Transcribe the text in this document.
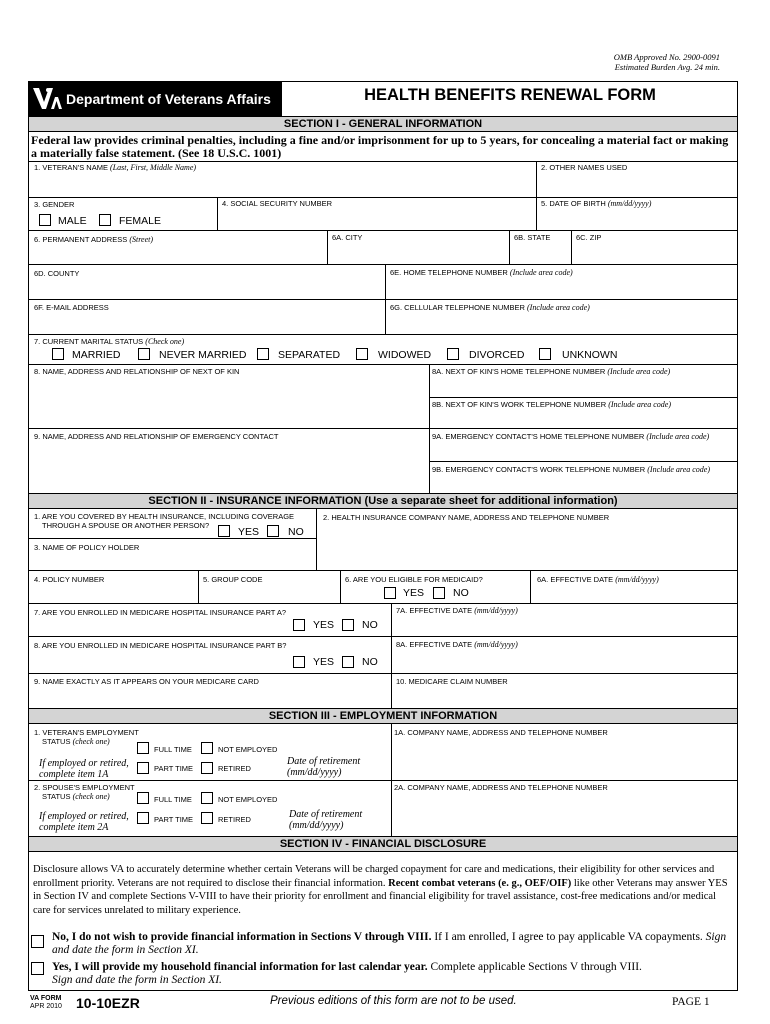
OMB Approved No. 2900-0091
Estimated Burden Avg. 24 min.
Department of Veterans Affairs	HEALTH BENEFITS RENEWAL FORM
SECTION I - GENERAL INFORMATION
Federal law provides criminal penalties, including a fine and/or imprisonment for up to 5 years, for concealing a material fact or making a materially false statement. (See 18 U.S.C. 1001)
1. VETERAN'S NAME (Last, First, Middle Name)	2. OTHER NAMES USED
3. GENDER
MALE	FEMALE
4. SOCIAL SECURITY NUMBER	5. DATE OF BIRTH (mm/dd/yyyy)
6. PERMANENT ADDRESS (Street)	6A. CITY	6B. STATE	6C. ZIP
6D. COUNTY	6E. HOME TELEPHONE NUMBER (Include area code)
6F. E-MAIL ADDRESS	6G. CELLULAR TELEPHONE NUMBER (Include area code)
7. CURRENT MARITAL STATUS (Check one)
MARRIED	NEVER MARRIED	SEPARATED	WIDOWED	DIVORCED	UNKNOWN
8. NAME, ADDRESS AND RELATIONSHIP OF NEXT OF KIN	8A. NEXT OF KIN'S HOME TELEPHONE NUMBER (Include area code)
8B. NEXT OF KIN'S WORK TELEPHONE NUMBER (Include area code)
9. NAME, ADDRESS AND RELATIONSHIP OF EMERGENCY CONTACT	9A. EMERGENCY CONTACT'S HOME TELEPHONE NUMBER (Include area code)
9B. EMERGENCY CONTACT'S WORK TELEPHONE NUMBER (Include area code)
SECTION II - INSURANCE INFORMATION (Use a separate sheet for additional information)
1. ARE YOU COVERED BY HEALTH INSURANCE, INCLUDING COVERAGE
THROUGH A SPOUSE OR ANOTHER PERSON?
YES	NO
2. HEALTH INSURANCE COMPANY NAME, ADDRESS AND TELEPHONE NUMBER
3. NAME OF POLICY HOLDER
4. POLICY NUMBER	5. GROUP CODE	6. ARE YOU ELIGIBLE FOR MEDICAID?
YES	NO
6A. EFFECTIVE DATE (mm/dd/yyyy)
7. ARE YOU ENROLLED IN MEDICARE HOSPITAL INSURANCE PART A?
YES	NO
7A. EFFECTIVE DATE (mm/dd/yyyy)
8. ARE YOU ENROLLED IN MEDICARE HOSPITAL INSURANCE PART B?
YES	NO
8A. EFFECTIVE DATE (mm/dd/yyyy)
9. NAME EXACTLY AS IT APPEARS ON YOUR MEDICARE CARD	10. MEDICARE CLAIM NUMBER
SECTION III - EMPLOYMENT INFORMATION
1. VETERAN'S EMPLOYMENT
STATUS (check one)
FULL TIME	NOT EMPLOYED
If employed or retired,
complete item 1A
PART TIME	RETIRED
Date of retirement
(mm/dd/yyyy)
1A. COMPANY NAME, ADDRESS AND TELEPHONE NUMBER
2. SPOUSE'S EMPLOYMENT
STATUS (check one)	FULL TIME	NOT EMPLOYED
If employed or retired,
complete item 2A
PART TIME	RETIRED	Date of retirement
(mm/dd/yyyy)
2A. COMPANY NAME, ADDRESS AND TELEPHONE NUMBER
SECTION IV - FINANCIAL DISCLOSURE
Disclosure allows VA to accurately determine whether certain Veterans will be charged copayment for care and medications, their eligibility for other services and enrollment priority. Veterans are not required to disclose their financial information. Recent combat veterans (e. g., OEF/OIF) like other Veterans may answer YES in Section IV and complete Sections V-VIII to have their priority for enrollment and financial eligibility for travel assistance, cost-free medications and/or medical care for services unrelated to military experience.
No, I do not wish to provide financial information in Sections V through VIII. If I am enrolled, I agree to pay applicable VA copayments. Sign and date the form in Section XI.
Yes, I will provide my household financial information for last calendar year. Complete applicable Sections V through VIII.
Sign and date the form in Section XI.
VA FORM
APR 2010 10-10EZR	Previous editions of this form are not to be used.	PAGE 1
